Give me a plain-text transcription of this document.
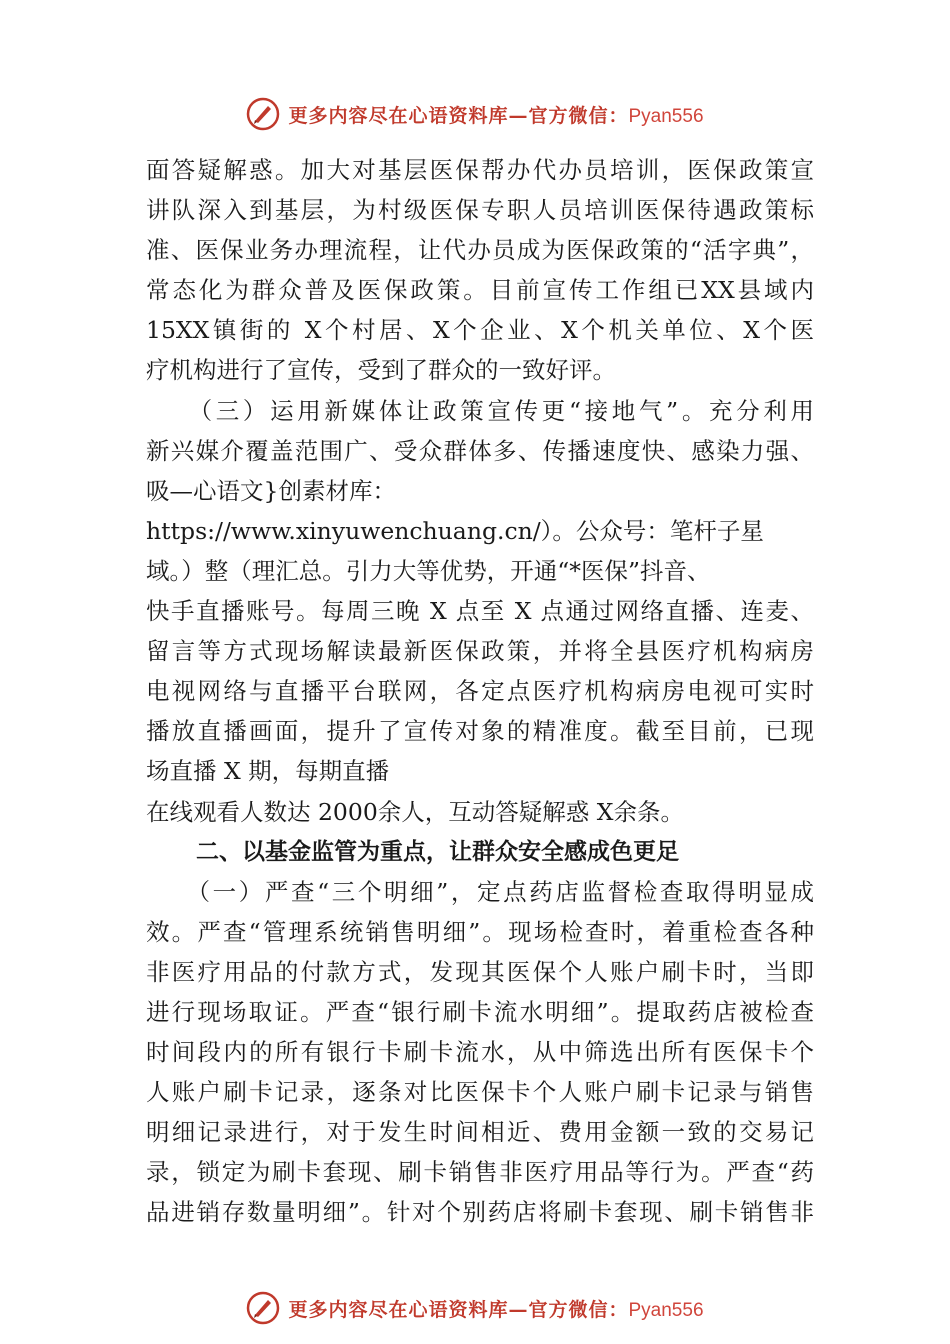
更多内容尽在心语资料库—官方微信：Pyan556
面答疑解惑。加大对基层医保帮办代办员培训，医保政策宣
讲队深入到基层，为村级医保专职人员培训医保待遇政策标
准、医保业务办理流程，让代办员成为医保政策的“活字典”，
常态化为群众普及医保政策。目前宣传工作组已XX县域内
15XX镇街的 X个村居、X个企业、X个机关单位、X个医
疗机构进行了宣传，受到了群众的一致好评。
　　（三）运用新媒体让政策宣传更“接地气”。充分利用
新兴媒介覆盖范围广、受众群体多、传播速度快、感染力强、
吸—心语文}创素材库：
https://www.xinyuwenchuang.cn/）。公众号：笔杆子星
域。）整（理汇总。引力大等优势，开通“*医保”抖音、
快手直播账号。每周三晚 X 点至 X 点通过网络直播、连麦、
留言等方式现场解读最新医保政策，并将全县医疗机构病房
电视网络与直播平台联网，各定点医疗机构病房电视可实时
播放直播画面，提升了宣传对象的精准度。截至目前，已现
场直播 X 期，每期直播
在线观看人数达 2000余人，互动答疑解惑 X余条。
二、以基金监管为重点，让群众安全感成色更足
　　（一）严查“三个明细”，定点药店监督检查取得明显成
效。严查“管理系统销售明细”。现场检查时，着重检查各种
非医疗用品的付款方式，发现其医保个人账户刷卡时，当即
进行现场取证。严查“银行刷卡流水明细”。提取药店被检查
时间段内的所有银行卡刷卡流水，从中筛选出所有医保卡个
人账户刷卡记录，逐条对比医保卡个人账户刷卡记录与销售
明细记录进行，对于发生时间相近、费用金额一致的交易记
录，锁定为刷卡套现、刷卡销售非医疗用品等行为。严查“药
品进销存数量明细”。针对个别药店将刷卡套现、刷卡销售非
更多内容尽在心语资料库—官方微信：Pyan556
